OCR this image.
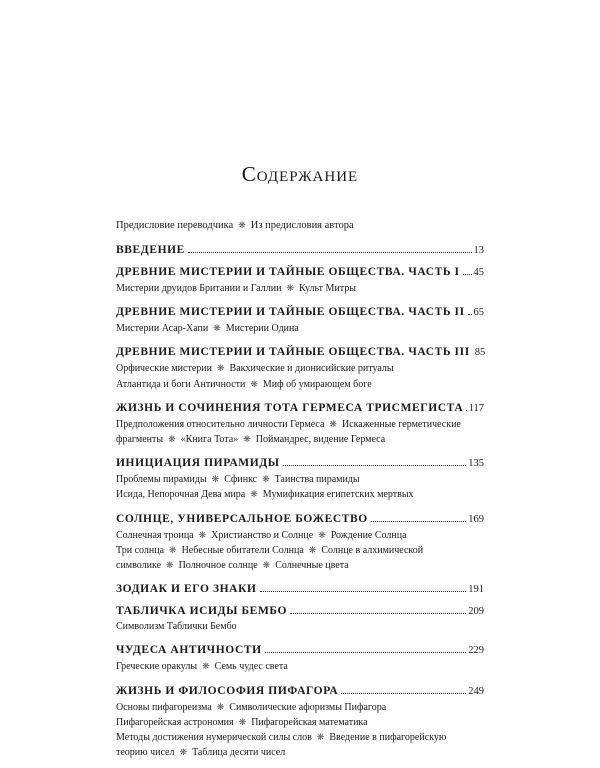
Содержание
Предисловие переводчика ❋ Из предисловия автора
ВВЕДЕНИЕ	13
ДРЕВНИЕ МИСТЕРИИ И ТАЙНЫЕ ОБЩЕСТВА. ЧАСТЬ I 45
Мистерии друидов Британии и Галлии ❋ Культ Митры
ДРЕВНИЕ МИСТЕРИИ И ТАЙНЫЕ ОБЩЕСТВА. ЧАСТЬ II 65
Мистерии Асар-Хапи ❋ Мистерии Одина
ДРЕВНИЕ МИСТЕРИИ И ТАЙНЫЕ ОБЩЕСТВА. ЧАСТЬ III 85
Орфические мистерии ❋ Вакхические и дионисийские ритуалы
Атлантида и боги Античности ❋ Миф об умирающем боге
ЖИЗНЬ И СОЧИНЕНИЯ ТОТА ГЕРМЕСА ТРИСМЕГИСТА 117
Предположения относительно личности Гермеса ❋ Искаженные герметические
фрагменты ❋ «Книга Тота» ❋ Поймандрес, видение Гермеса
ИНИЦИАЦИЯ ПИРАМИДЫ	135
Проблемы пирамиды ❋ Сфинкс ❋ Таинства пирамиды
Исида, Непорочная Дева мира ❋ Мумификация египетских мертвых
СОЛНЦЕ, УНИВЕРСАЛЬНОЕ БОЖЕСТВО	169
Солнечная троица ❋ Христианство и Солнце ❋ Рождение Солнца
Три солнца ❋ Небесные обитатели Солнца ❋ Солнце в алхимической
символике ❋ Полночное солнце ❋ Солнечные цвета
ЗОДИАК И ЕГО ЗНАКИ	191
ТАБЛИЧКА ИСИДЫ БЕМБО	209
Символизм Таблички Бембо
ЧУДЕСА АНТИЧНОСТИ	229
Греческие оракулы ❋ Семь чудес света
ЖИЗНЬ И ФИЛОСОФИЯ ПИФАГОРА	249
Основы пифагореизма ❋ Символические афоризмы Пифагора
Пифагорейская астрономия ❋ Пифагорейская математика
Методы достижения нумерической силы слов ❋ Введение в пифагорейскую
теорию чисел ❋ Таблица десяти чисел
